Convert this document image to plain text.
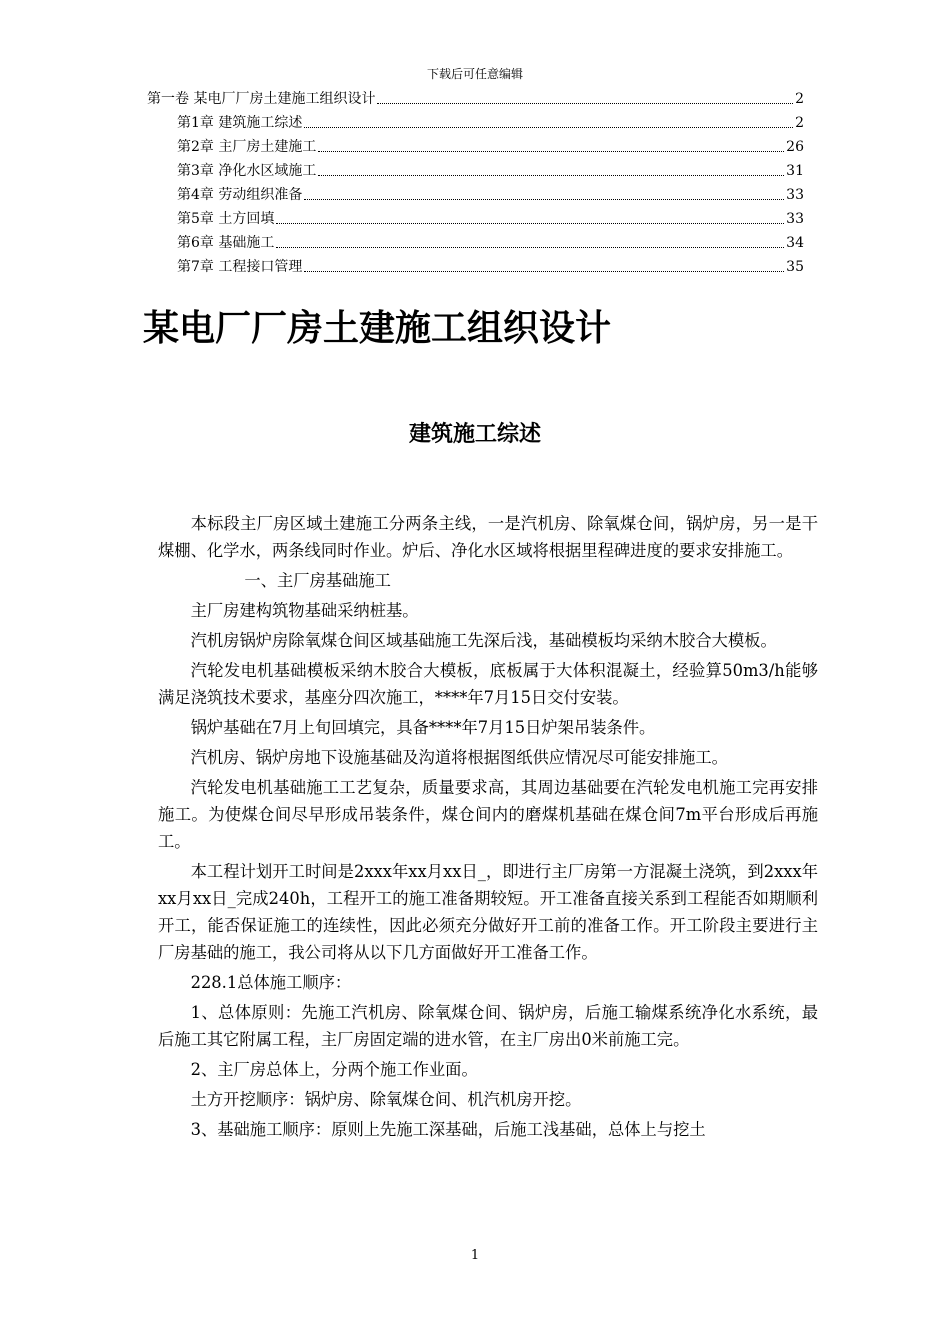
下载后可任意编辑
第一卷 某电厂厂房土建施工组织设计	2
第1章 建筑施工综述	2
第2章 主厂房土建施工	26
第3章 净化水区域施工	31
第4章 劳动组织准备	33
第5章 土方回填	33
第6章 基础施工	34
第7章 工程接口管理	35
某电厂厂房土建施工组织设计
建筑施工综述

本标段主厂房区域土建施工分两条主线，一是汽机房、除氧煤仓间，锅炉房，另一是干煤棚、化学水，两条线同时作业。炉后、净化水区域将根据里程碑进度的要求安排施工。

一、主厂房基础施工

主厂房建构筑物基础采纳桩基。

汽机房锅炉房除氧煤仓间区域基础施工先深后浅，基础模板均采纳木胶合大模板。

汽轮发电机基础模板采纳木胶合大模板，底板属于大体积混凝土，经验算50m3/h能够满足浇筑技术要求，基座分四次施工，****年7月15日交付安装。

锅炉基础在7月上旬回填完，具备****年7月15日炉架吊装条件。

汽机房、锅炉房地下设施基础及沟道将根据图纸供应情况尽可能安排施工。

汽轮发电机基础施工工艺复杂，质量要求高，其周边基础要在汽轮发电机施工完再安排施工。为使煤仓间尽早形成吊装条件，煤仓间内的磨煤机基础在煤仓间7m平台形成后再施工。

本工程计划开工时间是2xxx年xx月xx日_，即进行主厂房第一方混凝土浇筑，到2xxx年xx月xx日_完成240h，工程开工的施工准备期较短。开工准备直接关系到工程能否如期顺利开工，能否保证施工的连续性，因此必须充分做好开工前的准备工作。开工阶段主要进行主厂房基础的施工，我公司将从以下几方面做好开工准备工作。

228.1总体施工顺序：

1、总体原则：先施工汽机房、除氧煤仓间、锅炉房，后施工输煤系统净化水系统，最后施工其它附属工程，主厂房固定端的进水管，在主厂房出0米前施工完。

2、主厂房总体上，分两个施工作业面。

土方开挖顺序：锅炉房、除氧煤仓间、机汽机房开挖。

3、基础施工顺序：原则上先施工深基础，后施工浅基础，总体上与挖土

1
